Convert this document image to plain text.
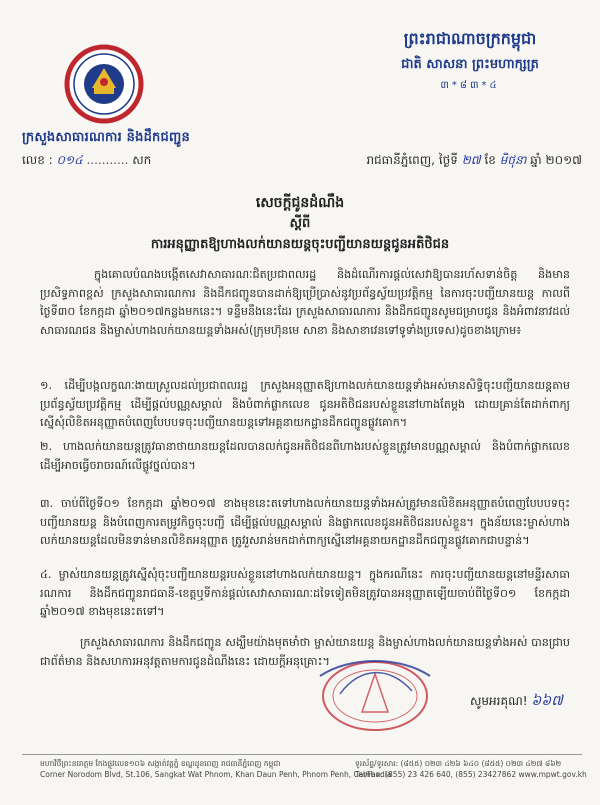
ក្រសួងសាធារណការ និងដឹកជញ្ជូន
ព្រះរាជាណាចក្រកម្ពុជា
ជាតិ សាសនា ព្រះមហាក្សត្រ
៣*៨៣*៤
លេខ : ០១៤ ........... សក	រាជធានីភ្នំពេញ, ថ្ងៃទី ២៧ ខែ មិថុនា ឆ្នាំ ២០១៧
សេចក្ដីជូនដំណឹង
ស្ដីពី
ការអនុញ្ញាតឱ្យហាងលក់យានយន្តចុះបញ្ជីយានយន្តជូនអតិថិជន
ក្នុងគោលបំណងបង្កើតសេវាសាធារណៈជិតប្រជាពលរដ្ឋ និងដំណើរការផ្ដល់សេវាឱ្យបានរហ័សទាន់ចិត្ត និងមានប្រសិទ្ធភាពខ្ពស់ ក្រសួងសាធារណការ និងដឹកជញ្ជូនបានដាក់ឱ្យប្រើប្រាស់នូវប្រព័ន្ធស្វ័យប្រវត្តិកម្ម នៃការចុះបញ្ជីយានយន្ត កាលពីថ្ងៃទី៣០ ខែកក្កដា ឆ្នាំ២០១៧កន្លងមកនេះ។ ទន្ទឹមនឹងនេះដែរ ក្រសួងសាធារណការ និងដឹកជញ្ជូនសូមជម្រាបជូន និងអំពាវនាវដល់សាធារណជន និងម្ចាស់ហាងលក់យានយន្តទាំងអស់(ក្រុមហ៊ុនមេ សាខា និងសាខាវេនទៅទូទាំងប្រទេស)ដូចខាងក្រោម៖
១. ដើម្បីបង្កលក្ខណៈងាយស្រួលដល់ប្រជាពលរដ្ឋ ក្រសួងអនុញ្ញាតឱ្យហាងលក់យានយន្តទាំងអស់មានសិទ្ធិចុះបញ្ជីយានយន្តតាមប្រព័ន្ធស្វ័យប្រវត្តិកម្ម ដើម្បីផ្ដល់បណ្ណសម្គាល់ និងបំពាក់ផ្លាកលេខ ជូនអតិថិជនរបស់ខ្លួននៅហាងតែម្ដង ដោយគ្រាន់តែដាក់ពាក្យស្នើសុំលិខិតអនុញ្ញាតបំពេញបែបបទចុះបញ្ជីយានយន្តទៅអគ្គនាយកដ្ឋានដឹកជញ្ជូនផ្លូវគោក។
២. ហាងលក់យានយន្តត្រូវធានាថាយានយន្តដែលបានលក់ជូនអតិថិជនពីហាងរបស់ខ្លួនត្រូវមានបណ្ណសម្គាល់ និងបំពាក់ផ្លាកលេខ ដើម្បីអាចធ្វើចរាចរណ៍លើផ្លូវថ្នល់បាន។
៣. ចាប់ពីថ្ងៃទី០១ ខែកក្កដា ឆ្នាំ២០១៧ ខាងមុខនេះតទៅហាងលក់យានយន្តទាំងអស់ត្រូវមានលិខិតអនុញ្ញាតបំពេញបែបបទចុះបញ្ជីយានយន្ត និងបំពេញការតម្រូវកិច្ចចុះបញ្ជី ដើម្បីផ្ដល់បណ្ណសម្គាល់ និងផ្លាកលេខជូនអតិថិជនរបស់ខ្លួន។ ក្នុងន័យនេះម្ចាស់ហាងលក់យានយន្តដែលមិនទាន់មានលិខិតអនុញ្ញាត ត្រូវរួសរាន់មកដាក់ពាក្យស្នើនៅអគ្គនាយកដ្ឋានដឹកជញ្ជូនផ្លូវគោកជាបន្ទាន់។
៤. ម្ចាស់យានយន្តត្រូវស្នើសុំចុះបញ្ជីយានយន្តរបស់ខ្លួននៅហាងលក់យានយន្ត។ ក្នុងករណីនេះ ការចុះបញ្ជីយានយន្តនៅមន្ទីរសាធារណការ និងដឹកជញ្ជូនរាជធានី-ខេត្តឬទីកាន់ផ្ដល់សេវាសាធារណៈដទៃទៀតមិនត្រូវបានអនុញ្ញាតឡើយចាប់ពីថ្ងៃទី០១ ខែកក្កដា ឆ្នាំ២០១៧ ខាងមុខនេះតទៅ។
ក្រសួងសាធារណការ និងដឹកជញ្ជូន សង្ឃឹមយ៉ាងមុតមាំថា ម្ចាស់យានយន្ត និងម្ចាស់ហាងលក់យានយន្តទាំងអស់ បានជ្រាបជាព័ត៌មាន និងសហការអនុវត្តតាមការជូនដំណឹងនេះ ដោយក្ដីអនុគ្រោះ។
សូមអរគុណ! ៦៦៧
មហាវិថីព្រះនរោត្តម កែងផ្លូវលេខ១០៦ សង្កាត់វត្តភ្នំ ខណ្ឌដូនពេញ រាជធានីភ្នំពេញ កម្ពុជា
Corner Norodom Blvd, St.106, Sangkat Wat Phnom, Khan Daun Penh, Phnom Penh, Cambodia
ទូរស័ព្ទ/ទូរសារ: (៨៥៥) ០២៣ ៤២៦ ៦៤០ (៨៥៥) ០២៣ ៤២៧ ៨៦២
Tel/Fax: (855) 23 426 640, (855) 23427862 www.mpwt.gov.kh
